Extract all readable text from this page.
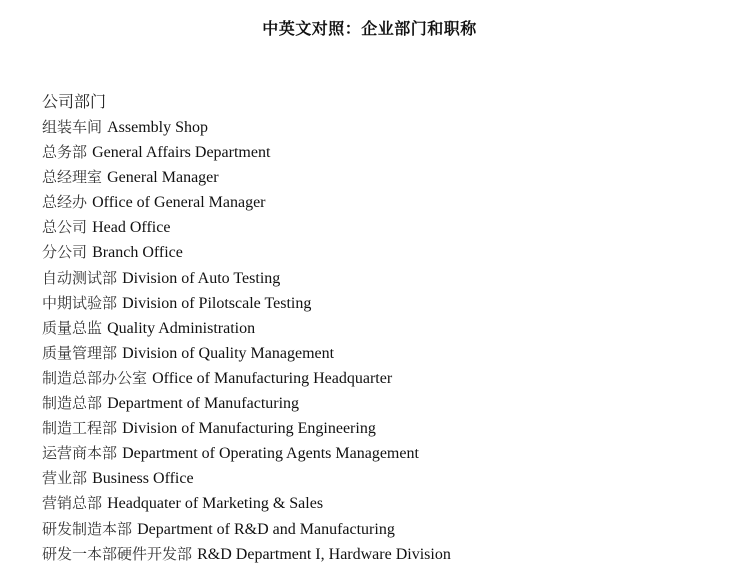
中英文对照：企业部门和职称
公司部门
组装车间 Assembly Shop
总务部 General Affairs Department
总经理室 General Manager
总经办 Office of General Manager
总公司 Head Office
分公司 Branch Office
自动测试部 Division of Auto Testing
中期试验部 Division of Pilotscale Testing
质量总监 Quality Administration
质量管理部 Division of Quality Management
制造总部办公室 Office of Manufacturing Headquarter
制造总部 Department of Manufacturing
制造工程部 Division of Manufacturing Engineering
运营商本部 Department of Operating Agents Management
营业部 Business Office
营销总部 Headquater of Marketing & Sales
研发制造本部 Department of R&D and Manufacturing
研发一本部硬件开发部 R&D Department I, Hardware Division
